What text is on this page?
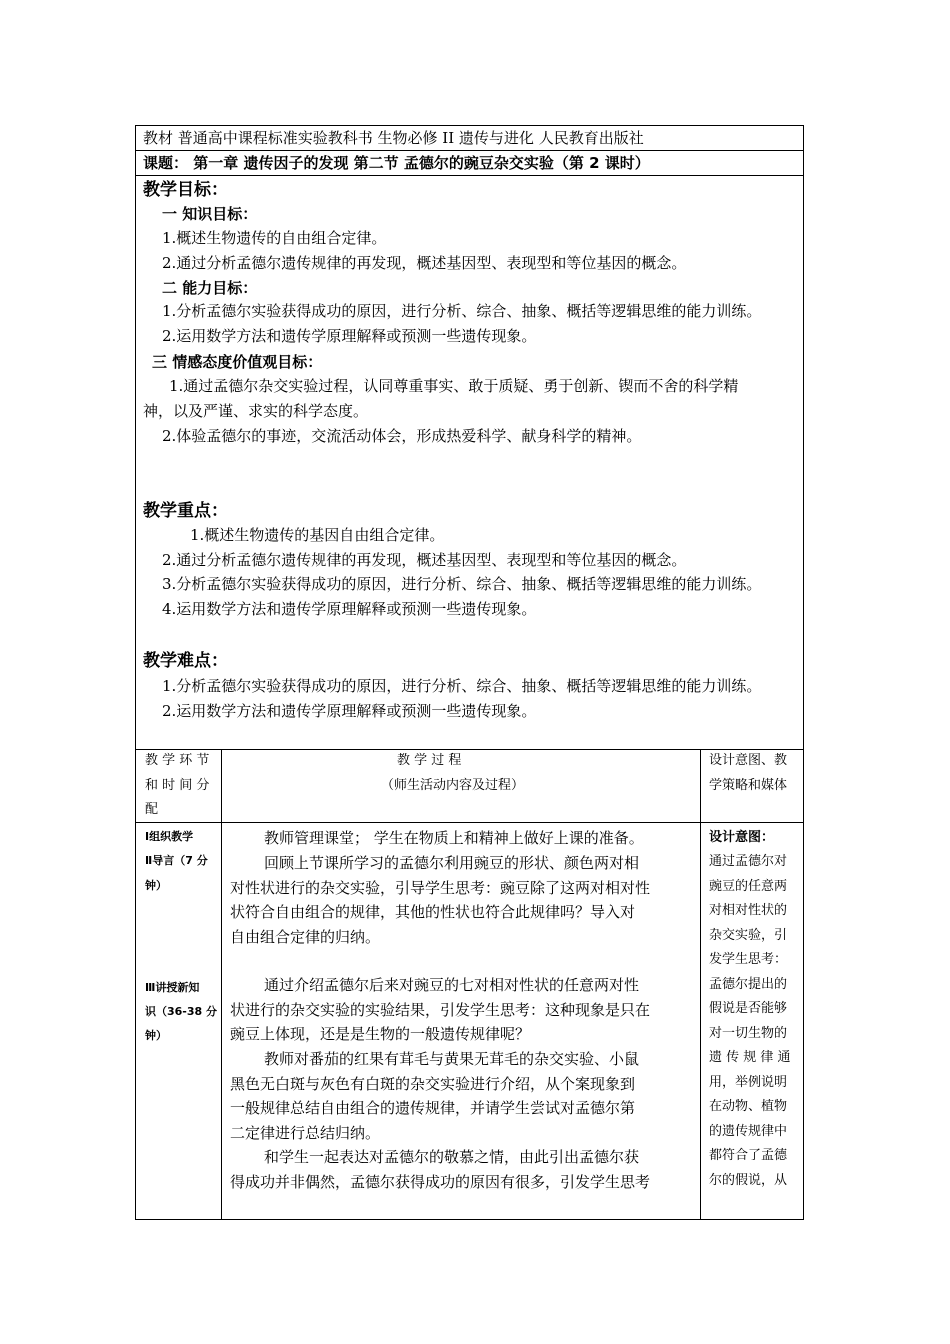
教材 普通高中课程标准实验教科书 生物必修 II 遗传与进化 人民教育出版社
课题： 第一章 遗传因子的发现 第二节 孟德尔的豌豆杂交实验（第 2 课时）
教学目标：
一 知识目标：
1.概述生物遗传的自由组合定律。
2.通过分析孟德尔遗传规律的再发现，概述基因型、表现型和等位基因的概念。
二 能力目标：
1.分析孟德尔实验获得成功的原因，进行分析、综合、抽象、概括等逻辑思维的能力训练。
2.运用数学方法和遗传学原理解释或预测一些遗传现象。
三 情感态度价值观目标：
1.通过孟德尔杂交实验过程，认同尊重事实、敢于质疑、勇于创新、锲而不舍的科学精
神，以及严谨、求实的科学态度。
2.体验孟德尔的事迹，交流活动体会，形成热爱科学、献身科学的精神。
教学重点：
1.概述生物遗传的基因自由组合定律。
2.通过分析孟德尔遗传规律的再发现，概述基因型、表现型和等位基因的概念。
3.分析孟德尔实验获得成功的原因，进行分析、综合、抽象、概括等逻辑思维的能力训练。
4.运用数学方法和遗传学原理解释或预测一些遗传现象。
教学难点：
1.分析孟德尔实验获得成功的原因，进行分析、综合、抽象、概括等逻辑思维的能力训练。
2.运用数学方法和遗传学原理解释或预测一些遗传现象。
教 学 环 节
和 时 间 分
配
教 学 过 程
（师生活动内容及过程）
设计意图、教
学策略和媒体
Ⅰ组织教学
Ⅱ导言（7 分
钟）
Ⅲ讲授新知
识（36-38 分
钟）
教师管理课堂； 学生在物质上和精神上做好上课的准备。
回顾上节课所学习的孟德尔利用豌豆的形状、颜色两对相
对性状进行的杂交实验，引导学生思考：豌豆除了这两对相对性
状符合自由组合的规律，其他的性状也符合此规律吗？导入对
自由组合定律的归纳。
通过介绍孟德尔后来对豌豆的七对相对性状的任意两对性
状进行的杂交实验的实验结果，引发学生思考：这种现象是只在
豌豆上体现，还是是生物的一般遗传规律呢？
教师对番茄的红果有茸毛与黄果无茸毛的杂交实验、小鼠
黑色无白斑与灰色有白斑的杂交实验进行介绍，从个案现象到
一般规律总结自由组合的遗传规律，并请学生尝试对孟德尔第
二定律进行总结归纳。
和学生一起表达对孟德尔的敬慕之情，由此引出孟德尔获
得成功并非偶然，孟德尔获得成功的原因有很多，引发学生思考
设计意图：
通过孟德尔对
豌豆的任意两
对相对性状的
杂交实验，引
发学生思考：
孟德尔提出的
假说是否能够
对一切生物的
遗 传 规 律 通
用，举例说明
在动物、植物
的遗传规律中
都符合了孟德
尔的假说，从
